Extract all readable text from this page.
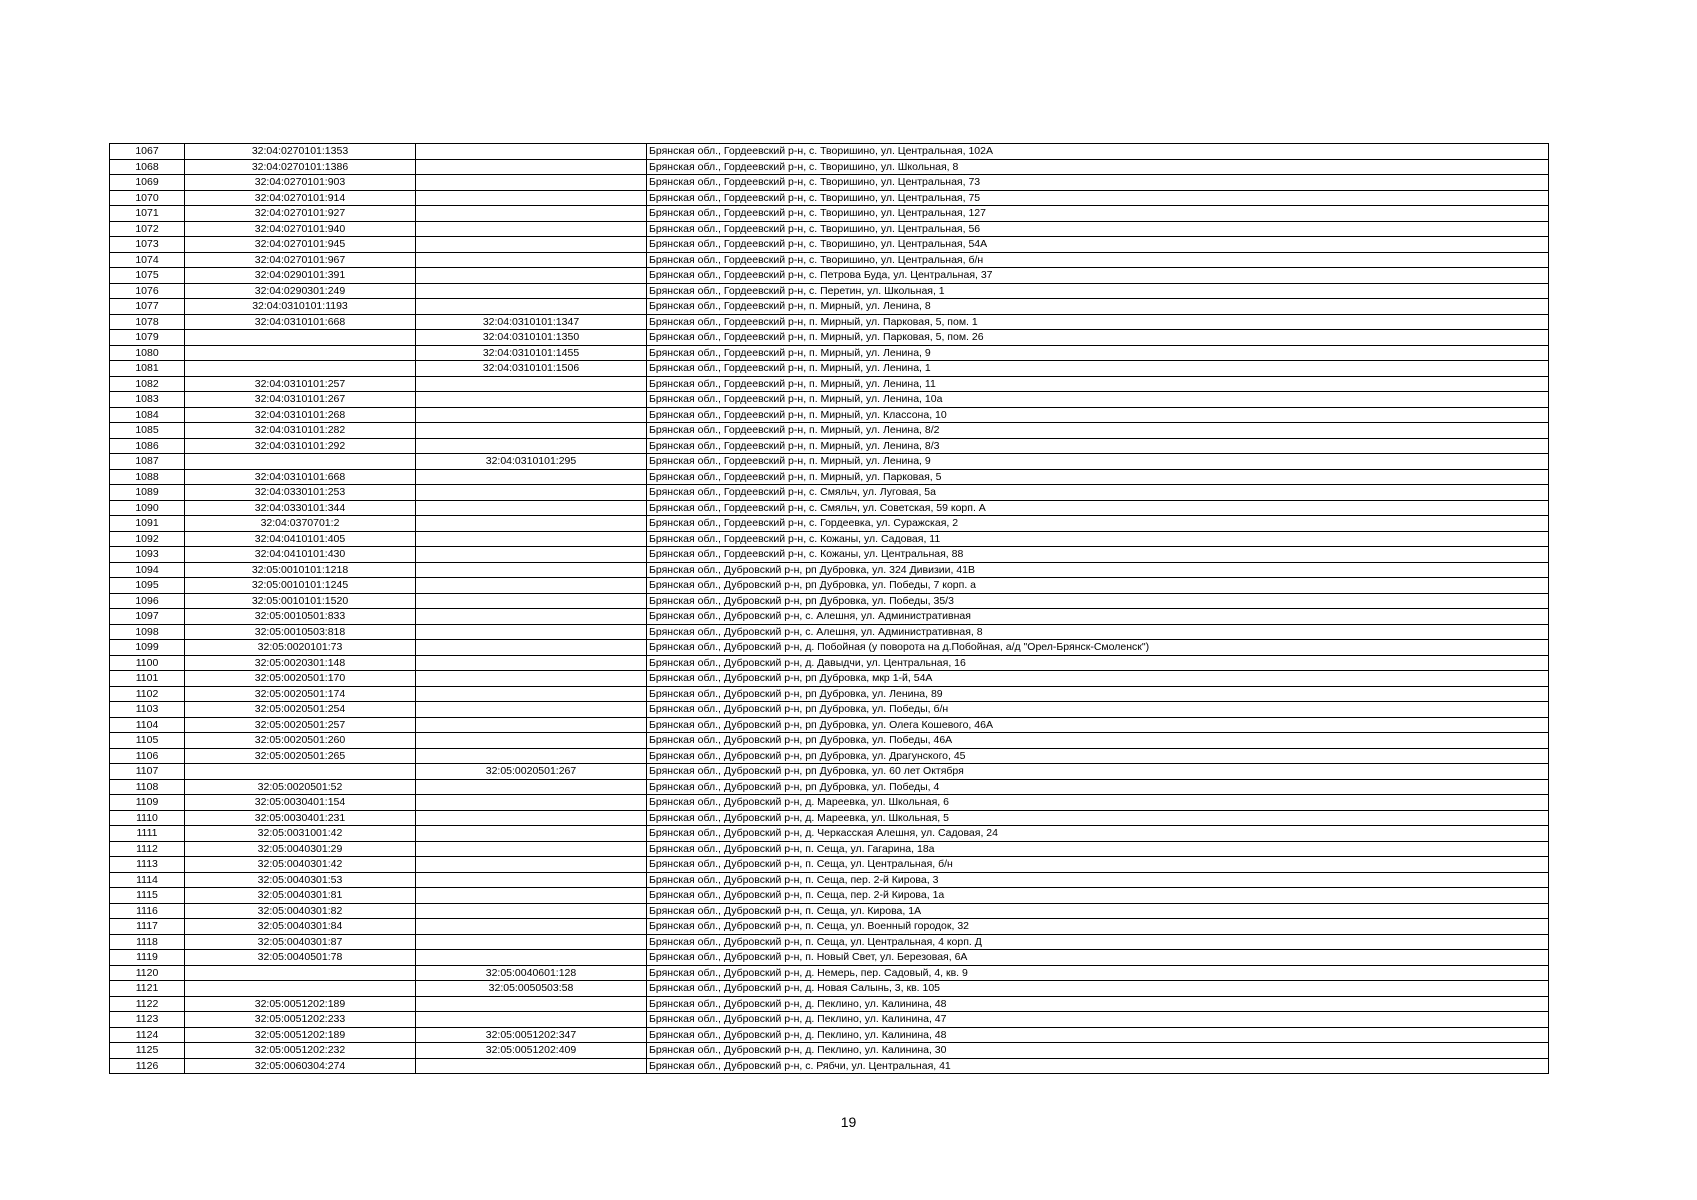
1067	32:04:0270101:1353		Брянская обл., Гордеевский р-н, с. Творишино, ул. Центральная, 102А
1068	32:04:0270101:1386		Брянская обл., Гордеевский р-н, с. Творишино, ул. Школьная, 8
1069	32:04:0270101:903		Брянская обл., Гордеевский р-н, с. Творишино, ул. Центральная, 73
1070	32:04:0270101:914		Брянская обл., Гордеевский р-н, с. Творишино, ул. Центральная, 75
1071	32:04:0270101:927		Брянская обл., Гордеевский р-н, с. Творишино, ул. Центральная, 127
1072	32:04:0270101:940		Брянская обл., Гордеевский р-н, с. Творишино, ул. Центральная, 56
1073	32:04:0270101:945		Брянская обл., Гордеевский р-н, с. Творишино, ул. Центральная, 54А
1074	32:04:0270101:967		Брянская обл., Гордеевский р-н, с. Творишино, ул. Центральная, б/н
1075	32:04:0290101:391		Брянская обл., Гордеевский р-н, с. Петрова Буда, ул. Центральная, 37
1076	32:04:0290301:249		Брянская обл., Гордеевский р-н, с. Перетин, ул. Школьная, 1
1077	32:04:0310101:1193		Брянская обл., Гордеевский р-н, п. Мирный, ул. Ленина, 8
1078	32:04:0310101:668	32:04:0310101:1347	Брянская обл., Гордеевский р-н, п. Мирный, ул. Парковая, 5, пом. 1
1079		32:04:0310101:1350	Брянская обл., Гордеевский р-н, п. Мирный, ул. Парковая, 5, пом. 26
1080		32:04:0310101:1455	Брянская обл., Гордеевский р-н, п. Мирный, ул. Ленина, 9
1081		32:04:0310101:1506	Брянская обл., Гордеевский р-н, п. Мирный, ул. Ленина, 1
1082	32:04:0310101:257		Брянская обл., Гордеевский р-н, п. Мирный, ул. Ленина, 11
1083	32:04:0310101:267		Брянская обл., Гордеевский р-н, п. Мирный, ул. Ленина, 10а
1084	32:04:0310101:268		Брянская обл., Гордеевский р-н, п. Мирный, ул. Классона, 10
1085	32:04:0310101:282		Брянская обл., Гордеевский р-н, п. Мирный, ул. Ленина, 8/2
1086	32:04:0310101:292		Брянская обл., Гордеевский р-н, п. Мирный, ул. Ленина, 8/3
1087		32:04:0310101:295	Брянская обл., Гордеевский р-н, п. Мирный, ул. Ленина, 9
1088	32:04:0310101:668		Брянская обл., Гордеевский р-н, п. Мирный, ул. Парковая, 5
1089	32:04:0330101:253		Брянская обл., Гордеевский р-н, с. Смяльч, ул. Луговая, 5а
1090	32:04:0330101:344		Брянская обл., Гордеевский р-н, с. Смяльч, ул. Советская, 59 корп. А
1091	32:04:0370701:2		Брянская обл., Гордеевский р-н, с. Гордеевка, ул. Суражская, 2
1092	32:04:0410101:405		Брянская обл., Гордеевский р-н, с. Кожаны, ул. Садовая, 11
1093	32:04:0410101:430		Брянская обл., Гордеевский р-н, с. Кожаны, ул. Центральная, 88
1094	32:05:0010101:1218		Брянская обл., Дубровский р-н, рп Дубровка, ул. 324 Дивизии, 41В
1095	32:05:0010101:1245		Брянская обл., Дубровский р-н, рп Дубровка, ул. Победы, 7 корп. а
1096	32:05:0010101:1520		Брянская обл., Дубровский р-н, рп Дубровка, ул. Победы, 35/3
1097	32:05:0010501:833		Брянская обл., Дубровский р-н, с. Алешня, ул. Административная
1098	32:05:0010503:818		Брянская обл., Дубровский р-н, с. Алешня, ул. Административная, 8
1099	32:05:0020101:73		Брянская обл., Дубровский р-н, д. Побойная (у поворота на д.Побойная, а/д "Орел-Брянск-Смоленск")
1100	32:05:0020301:148		Брянская обл., Дубровский р-н, д. Давыдчи, ул. Центральная, 16
1101	32:05:0020501:170		Брянская обл., Дубровский р-н, рп Дубровка, мкр 1-й, 54А
1102	32:05:0020501:174		Брянская обл., Дубровский р-н, рп Дубровка, ул. Ленина, 89
1103	32:05:0020501:254		Брянская обл., Дубровский р-н, рп Дубровка, ул. Победы, б/н
1104	32:05:0020501:257		Брянская обл., Дубровский р-н, рп Дубровка, ул. Олега Кошевого, 46А
1105	32:05:0020501:260		Брянская обл., Дубровский р-н, рп Дубровка, ул. Победы, 46А
1106	32:05:0020501:265		Брянская обл., Дубровский р-н, рп Дубровка, ул. Драгунского, 45
1107		32:05:0020501:267	Брянская обл., Дубровский р-н, рп Дубровка, ул. 60 лет Октября
1108	32:05:0020501:52		Брянская обл., Дубровский р-н, рп Дубровка, ул. Победы, 4
1109	32:05:0030401:154		Брянская обл., Дубровский р-н, д. Мареевка, ул. Школьная, 6
1110	32:05:0030401:231		Брянская обл., Дубровский р-н, д. Мареевка, ул. Школьная, 5
1111	32:05:0031001:42		Брянская обл., Дубровский р-н, д. Черкасская Алешня, ул. Садовая, 24
1112	32:05:0040301:29		Брянская обл., Дубровский р-н, п. Сеща, ул. Гагарина, 18а
1113	32:05:0040301:42		Брянская обл., Дубровский р-н, п. Сеща, ул. Центральная, б/н
1114	32:05:0040301:53		Брянская обл., Дубровский р-н, п. Сеща, пер. 2-й Кирова, 3
1115	32:05:0040301:81		Брянская обл., Дубровский р-н, п. Сеща, пер. 2-й Кирова, 1а
1116	32:05:0040301:82		Брянская обл., Дубровский р-н, п. Сеща, ул. Кирова, 1А
1117	32:05:0040301:84		Брянская обл., Дубровский р-н, п. Сеща, ул. Военный городок, 32
1118	32:05:0040301:87		Брянская обл., Дубровский р-н, п. Сеща, ул. Центральная, 4 корп. Д
1119	32:05:0040501:78		Брянская обл., Дубровский р-н, п. Новый Свет, ул. Березовая, 6А
1120		32:05:0040601:128	Брянская обл., Дубровский р-н, д. Немерь, пер. Садовый, 4, кв. 9
1121		32:05:0050503:58	Брянская обл., Дубровский р-н, д. Новая Салынь, 3, кв. 105
1122	32:05:0051202:189		Брянская обл., Дубровский р-н, д. Пеклино, ул. Калинина, 48
1123	32:05:0051202:233		Брянская обл., Дубровский р-н, д. Пеклино, ул. Калинина, 47
1124	32:05:0051202:189	32:05:0051202:347	Брянская обл., Дубровский р-н, д. Пеклино, ул. Калинина, 48
1125	32:05:0051202:232	32:05:0051202:409	Брянская обл., Дубровский р-н, д. Пеклино, ул. Калинина, 30
1126	32:05:0060304:274		Брянская обл., Дубровский р-н, с. Рябчи, ул. Центральная, 41
19
